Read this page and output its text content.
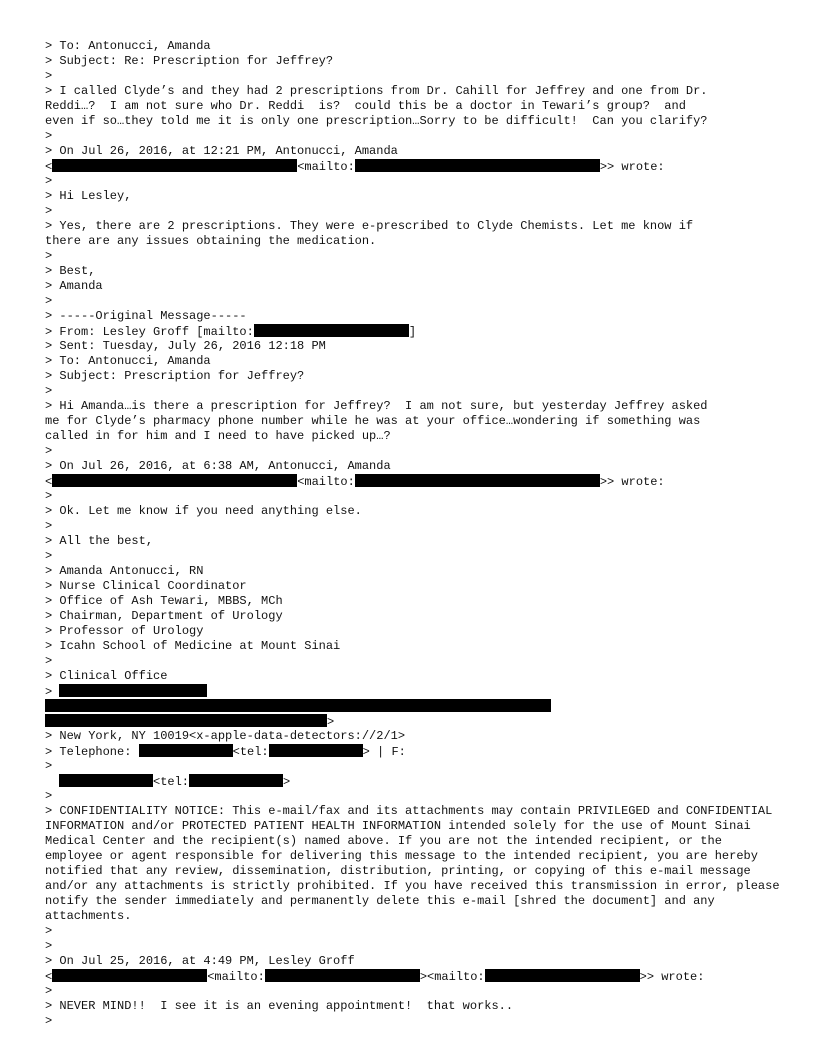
> To: Antonucci, Amanda
> Subject: Re: Prescription for Jeffrey?
>
> I called Clyde’s and they had 2 prescriptions from Dr. Cahill for Jeffrey and one from Dr.
Reddi…?  I am not sure who Dr. Reddi  is?  could this be a doctor in Tewari’s group?  and
even if so…they told me it is only one prescription…Sorry to be difficult!  Can you clarify?
>
> On Jul 26, 2016, at 12:21 PM, Antonucci, Amanda
<	<mailto:	>> wrote:
>
> Hi Lesley,
>
> Yes, there are 2 prescriptions. They were e-prescribed to Clyde Chemists. Let me know if
there are any issues obtaining the medication.
>
> Best,
> Amanda
>
> -----Original Message-----
> From: Lesley Groff [mailto:	]
> Sent: Tuesday, July 26, 2016 12:18 PM
> To: Antonucci, Amanda
> Subject: Prescription for Jeffrey?
>
> Hi Amanda…is there a prescription for Jeffrey?  I am not sure, but yesterday Jeffrey asked
me for Clyde’s pharmacy phone number while he was at your office…wondering if something was
called in for him and I need to have picked up…?
>
> On Jul 26, 2016, at 6:38 AM, Antonucci, Amanda
<	<mailto:	>> wrote:
>
> Ok. Let me know if you need anything else.
>
> All the best,
>
> Amanda Antonucci, RN
> Nurse Clinical Coordinator
> Office of Ash Tewari, MBBS, MCh
> Chairman, Department of Urology
> Professor of Urology
> Icahn School of Medicine at Mount Sinai
>
> Clinical Office
>
>
> New York, NY 10019<x-apple-data-detectors://2/1>
> Telephone:	<tel:	> | F:
>
<tel:	>
>
> CONFIDENTIALITY NOTICE: This e-mail/fax and its attachments may contain PRIVILEGED and CONFIDENTIAL INFORMATION and/or PROTECTED PATIENT HEALTH INFORMATION intended solely for the use of Mount Sinai Medical Center and the recipient(s) named above. If you are not the intended recipient, or the employee or agent responsible for delivering this message to the intended recipient, you are hereby notified that any review, dissemination, distribution, printing, or copying of this e-mail message and/or any attachments is strictly prohibited. If you have received this transmission in error, please notify the sender immediately and permanently delete this e-mail [shred the document] and any attachments.
>
>
> On Jul 25, 2016, at 4:49 PM, Lesley Groff
<	<mailto:	><mailto:	>> wrote:
>
> NEVER MIND!!  I see it is an evening appointment!  that works..
>
